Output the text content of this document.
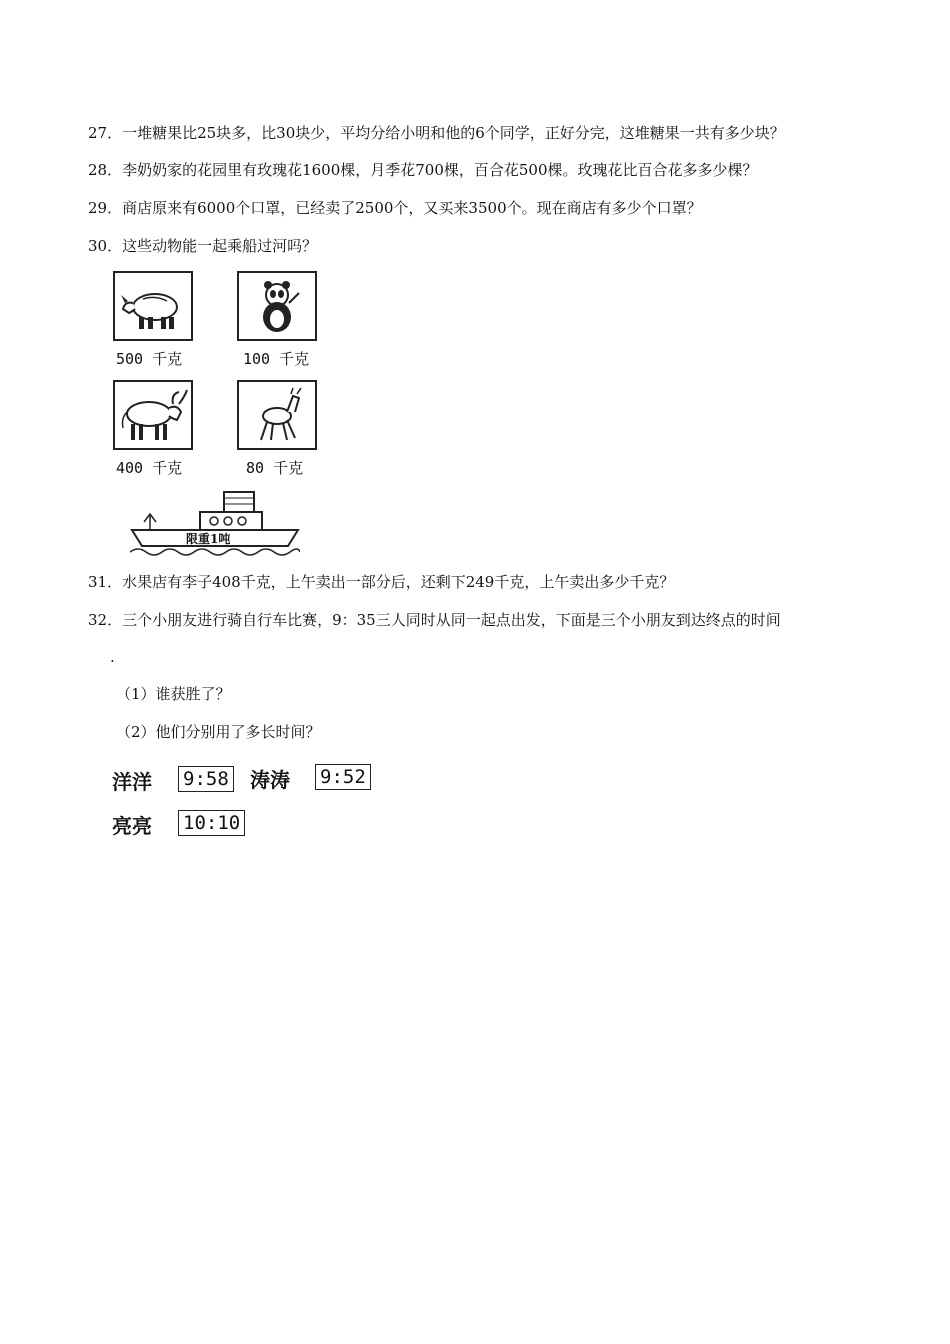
27．一堆糖果比25块多，比30块少，平均分给小明和他的6个同学，正好分完，这堆糖果一共有多少块？
28．李奶奶家的花园里有玫瑰花1600棵，月季花700棵，百合花500棵。玫瑰花比百合花多多少棵？
29．商店原来有6000个口罩，已经卖了2500个，又买来3500个。现在商店有多少个口罩？
30．这些动物能一起乘船过河吗？
500 千克	100 千克
400 千克	80 千克
限重1吨
31．水果店有李子408千克，上午卖出一部分后，还剩下249千克，上午卖出多少千克？
32．三个小朋友进行骑自行车比赛，9：35三人同时从同一起点出发，下面是三个小朋友到达终点的时间
.
（1）谁获胜了？
（2）他们分别用了多长时间？
洋洋 9:58 涛涛 9:52
亮亮 10:10
